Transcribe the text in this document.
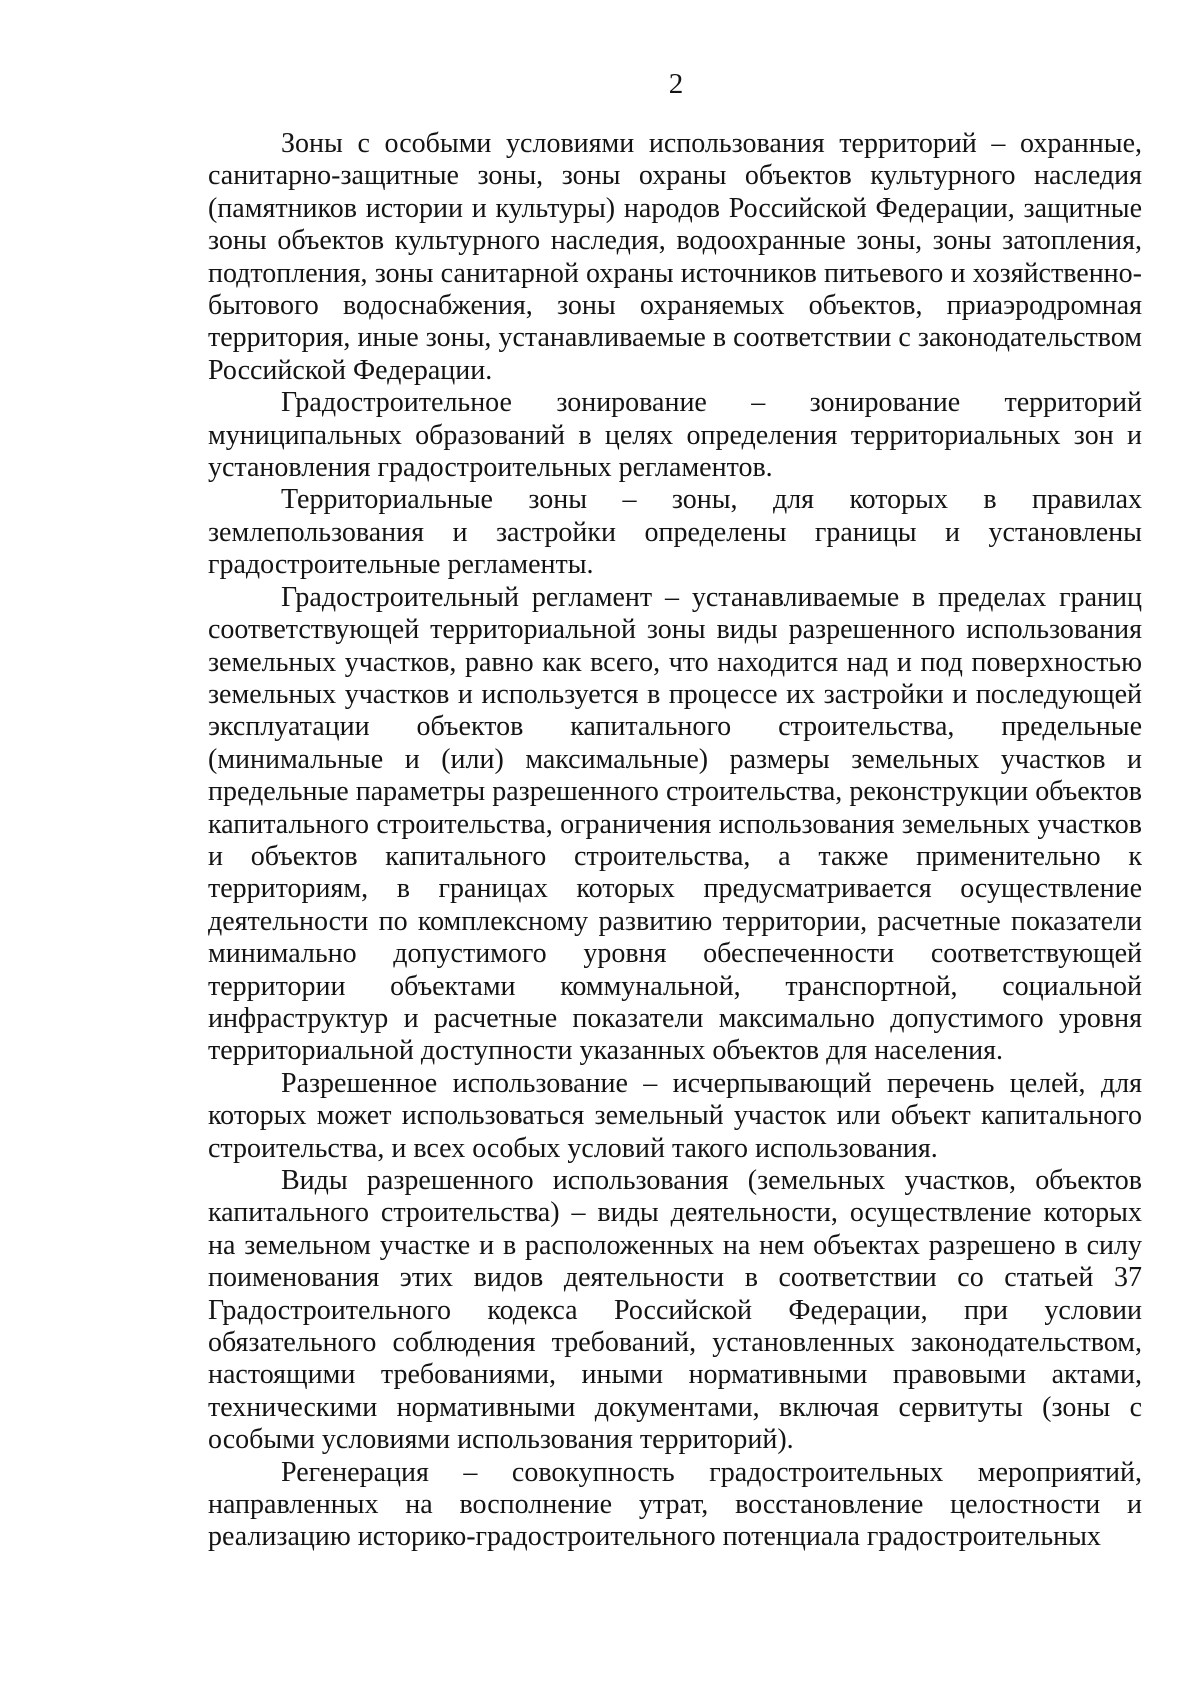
2

Зоны с особыми условиями использования территорий – охранные, санитарно-защитные зоны, зоны охраны объектов культурного наследия (памятников истории и культуры) народов Российской Федерации, защитные зоны объектов культурного наследия, водоохранные зоны, зоны затопления, подтопления, зоны санитарной охраны источников питьевого и хозяйственно-бытового водоснабжения, зоны охраняемых объектов, приаэродромная территория, иные зоны, устанавливаемые в соответствии с законодательством Российской Федерации.

Градостроительное зонирование – зонирование территорий муниципальных образований в целях определения территориальных зон и установления градостроительных регламентов.

Территориальные зоны – зоны, для которых в правилах землепользования и застройки определены границы и установлены градостроительные регламенты.

Градостроительный регламент – устанавливаемые в пределах границ соответствующей территориальной зоны виды разрешенного использования земельных участков, равно как всего, что находится над и под поверхностью земельных участков и используется в процессе их застройки и последующей эксплуатации объектов капитального строительства, предельные (минимальные и (или) максимальные) размеры земельных участков и предельные параметры разрешенного строительства, реконструкции объектов капитального строительства, ограничения использования земельных участков и объектов капитального строительства, а также применительно к территориям, в границах которых предусматривается осуществление деятельности по комплексному развитию территории, расчетные показатели минимально допустимого уровня обеспеченности соответствующей территории объектами коммунальной, транспортной, социальной инфраструктур и расчетные показатели максимально допустимого уровня территориальной доступности указанных объектов для населения.

Разрешенное использование – исчерпывающий перечень целей, для которых может использоваться земельный участок или объект капитального строительства, и всех особых условий такого использования.

Виды разрешенного использования (земельных участков, объектов капитального строительства) – виды деятельности, осуществление которых на земельном участке и в расположенных на нем объектах разрешено в силу поименования этих видов деятельности в соответствии со статьей 37 Градостроительного кодекса Российской Федерации, при условии обязательного соблюдения требований, установленных законодательством, настоящими требованиями, иными нормативными правовыми актами, техническими нормативными документами, включая сервитуты (зоны с особыми условиями использования территорий).

Регенерация – совокупность градостроительных мероприятий, направленных на восполнение утрат, восстановление целостности и реализацию историко-градостроительного потенциала градостроительных
